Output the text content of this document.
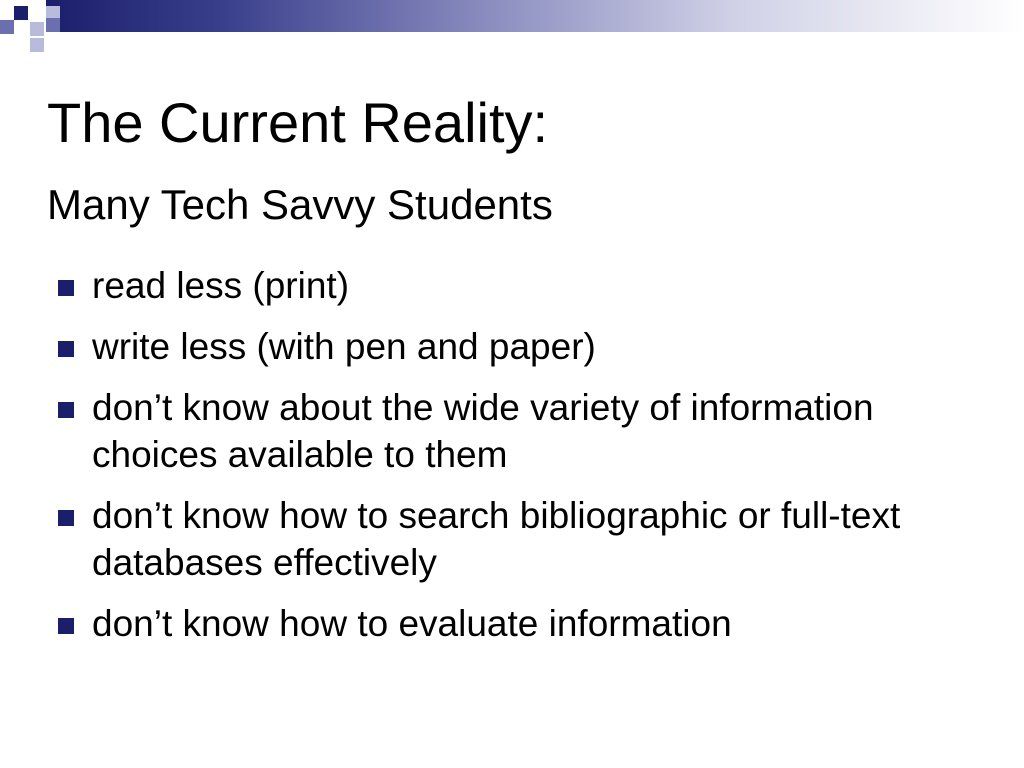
The Current Reality:
Many Tech Savvy Students
read less (print)
write less (with pen and paper)
don’t know about the wide variety of information choices available to them
don’t know how to search bibliographic or full-text databases effectively
don’t know how to evaluate information
